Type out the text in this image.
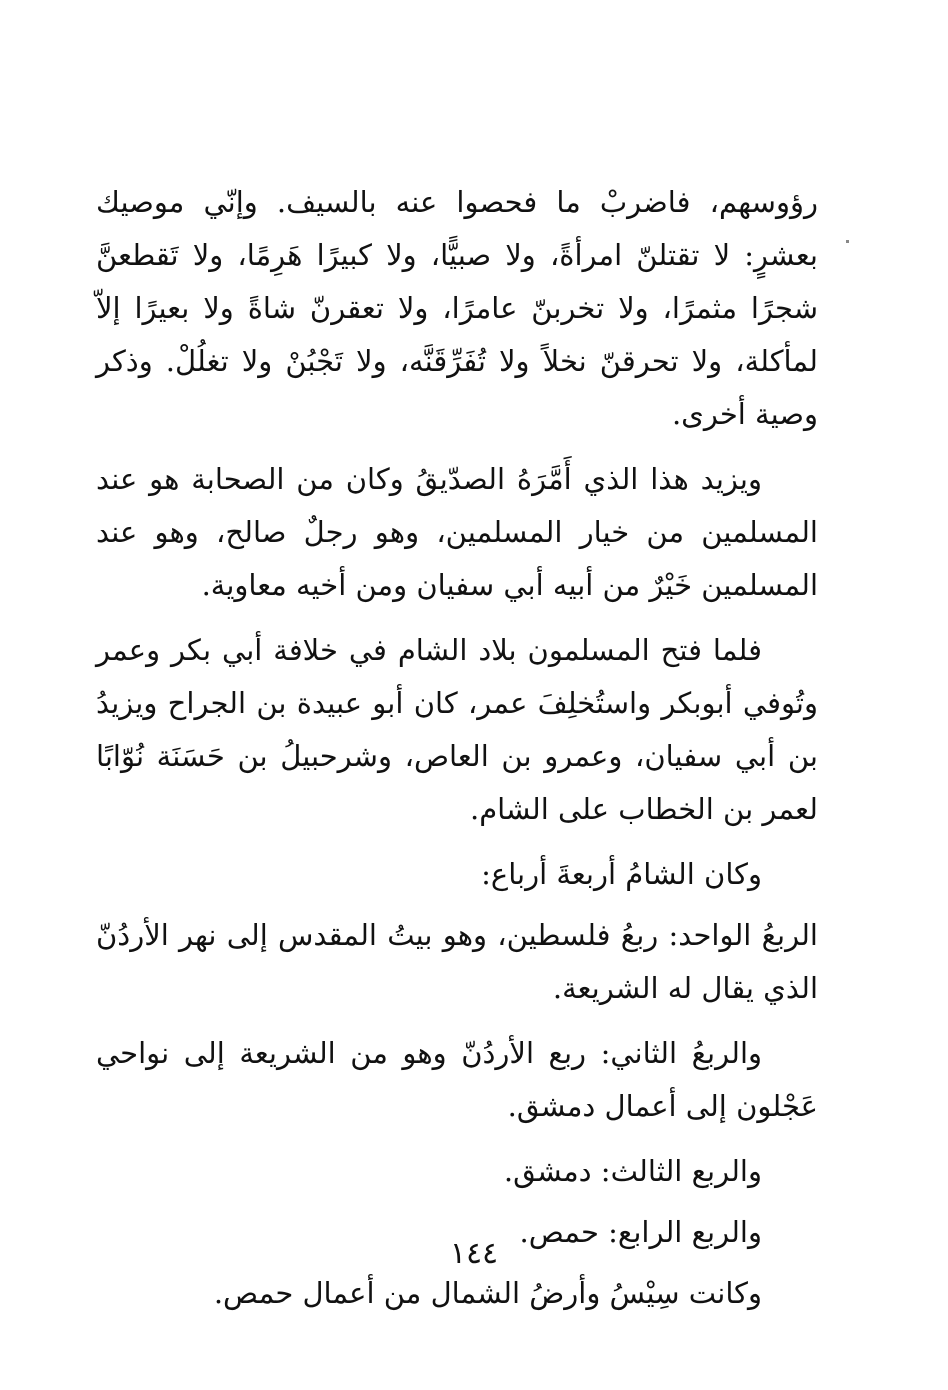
رؤوسهم، فاضربْ ما فحصوا عنه بالسيف. وإنّي موصيك بعشرٍ: لا تقتلنّ امرأةً، ولا صبيًّا، ولا كبيرًا هَرِمًا، ولا تَقطعنَّ شجرًا مثمرًا، ولا تخربنّ عامرًا، ولا تعقرنّ شاةً ولا بعيرًا إلاّ لمأكلة، ولا تحرقنّ نخلاً ولا تُفَرِّقَنَّه، ولا تَجْبُنْ ولا تغلُلْ. وذكر وصية أخرى.

ويزيد هذا الذي أَمَّرَهُ الصدّيقُ وكان من الصحابة هو عند المسلمين من خيار المسلمين، وهو رجلٌ صالح، وهو عند المسلمين خَيْرٌ من أبيه أبي سفيان ومن أخيه معاوية.

فلما فتح المسلمون بلاد الشام في خلافة أبي بكر وعمر وتُوفي أبوبكر واستُخلِفَ عمر، كان أبو عبيدة بن الجراح ويزيدُ بن أبي سفيان، وعمرو بن العاص، وشرحبيلُ بن حَسَنَة نُوّابًا لعمر بن الخطاب على الشام.

وكان الشامُ أربعةَ أرباع:

الربعُ الواحد: ربعُ فلسطين، وهو بيتُ المقدس إلى نهر الأردُنّ الذي يقال له الشريعة.

والربعُ الثاني: ربع الأردُنّ وهو من الشريعة إلى نواحي عَجْلون إلى أعمال دمشق.

والربع الثالث: دمشق.

والربع الرابع: حمص.

وكانت سِيْسُ وأرضُ الشمال من أعمال حمص.

١٤٤
